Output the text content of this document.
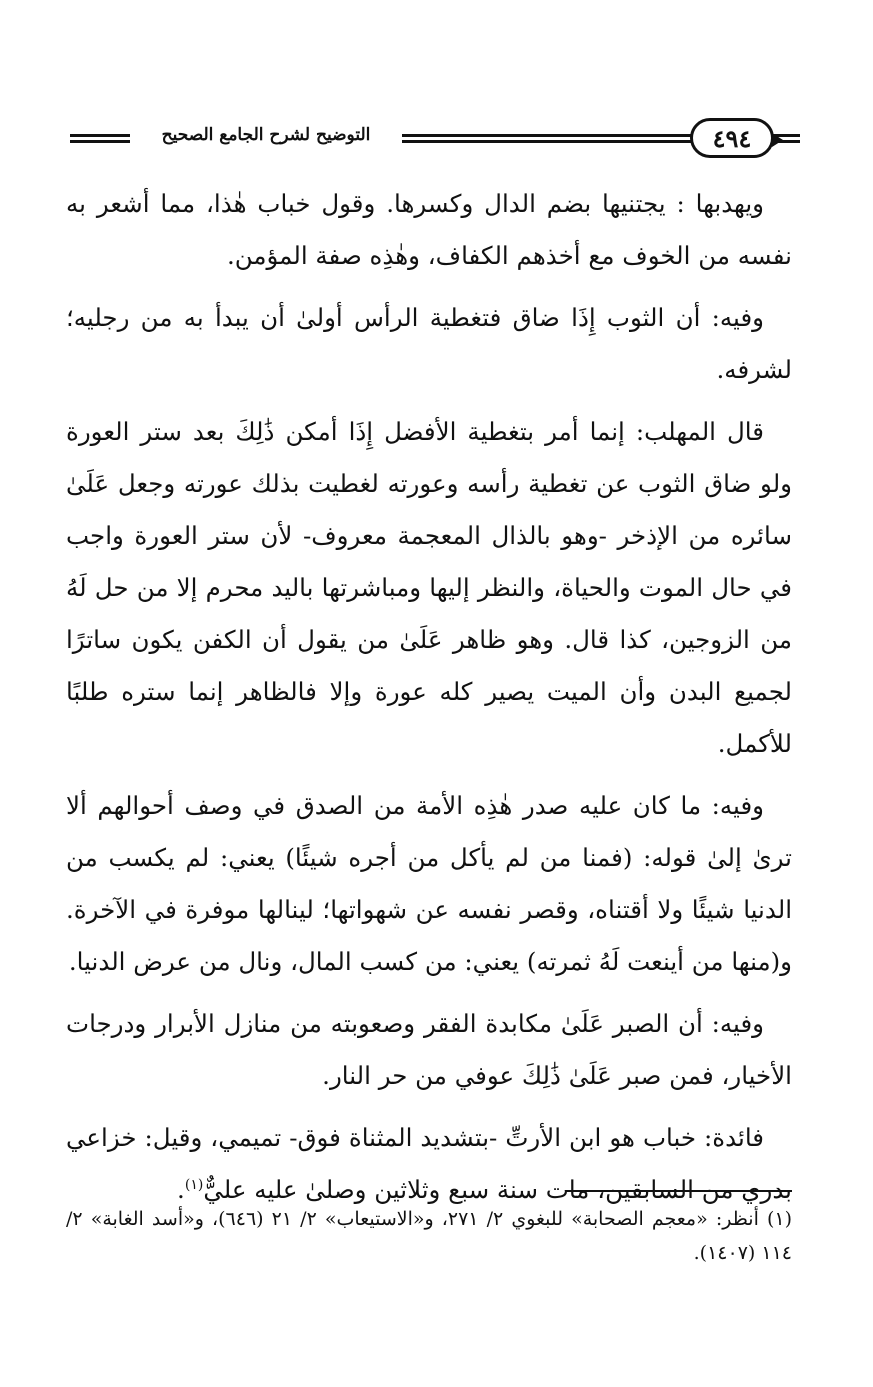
التوضيح لشرح الجامع الصحيح	٤٩٤

ويهدبها : يجتنيها بضم الدال وكسرها. وقول خباب هٰذا، مما أشعر به نفسه من الخوف مع أخذهم الكفاف، وهٰذِه صفة المؤمن.

وفيه: أن الثوب إِذَا ضاق فتغطية الرأس أولىٰ أن يبدأ به من رجليه؛ لشرفه.

قال المهلب: إنما أمر بتغطية الأفضل إِذَا أمكن ذَٰلِكَ بعد ستر العورة ولو ضاق الثوب عن تغطية رأسه وعورته لغطيت بذلك عورته وجعل عَلَىٰ سائره من الإذخر -وهو بالذال المعجمة معروف- لأن ستر العورة واجب في حال الموت والحياة، والنظر إليها ومباشرتها باليد محرم إلا من حل لَهُ من الزوجين، كذا قال. وهو ظاهر عَلَىٰ من يقول أن الكفن يكون ساترًا لجميع البدن وأن الميت يصير كله عورة وإلا فالظاهر إنما ستره طلبًا للأكمل.

وفيه: ما كان عليه صدر هٰذِه الأمة من الصدق في وصف أحوالهم ألا ترىٰ إلىٰ قوله: (فمنا من لم يأكل من أجره شيئًا) يعني: لم يكسب من الدنيا شيئًا ولا أقتناه، وقصر نفسه عن شهواتها؛ لينالها موفرة في الآخرة. و(منها من أينعت لَهُ ثمرته) يعني: من كسب المال، ونال من عرض الدنيا.

وفيه: أن الصبر عَلَىٰ مكابدة الفقر وصعوبته من منازل الأبرار ودرجات الأخيار، فمن صبر عَلَىٰ ذَٰلِكَ عوفي من حر النار.

فائدة: خباب هو ابن الأرتِّ -بتشديد المثناة فوق- تميمي، وقيل: خزاعي بدري من السابقين، مات سنة سبع وثلاثين وصلىٰ عليه عليٌّ$^{(١)}$.

(١) أنظر: «معجم الصحابة» للبغوي ٢/ ٢٧١، و«الاستيعاب» ٢/ ٢١ (٦٤٦)، و«أسد الغابة» ٢/ ١١٤ (١٤٠٧).
